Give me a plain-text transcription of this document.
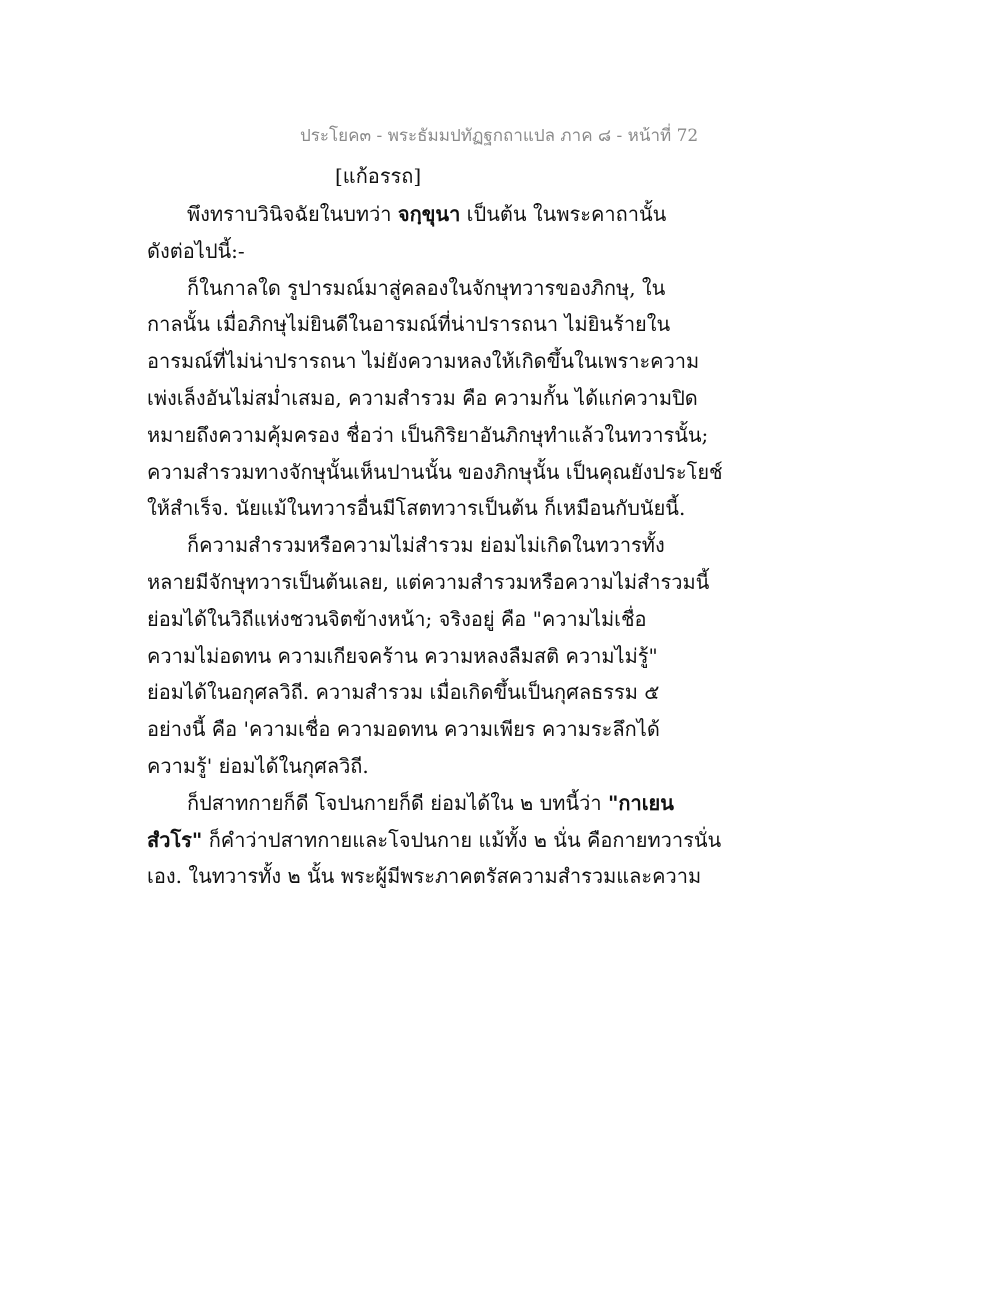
ประโยค๓ - พระธัมมปทัฏฐกถาแปล ภาค ๘ - หน้าที่ 72
[แก้อรรถ]

พึงทราบวินิจฉัยในบทว่า จกฺขุนา เป็นต้น ในพระคาถานั้น
ดังต่อไปนี้:-

ก็ในกาลใด รูปารมณ์มาสู่คลองในจักษุทวารของภิกษุ, ใน
กาลนั้น เมื่อภิกษุไม่ยินดีในอารมณ์ที่น่าปรารถนา ไม่ยินร้ายใน
อารมณ์ที่ไม่น่าปรารถนา ไม่ยังความหลงให้เกิดขึ้นในเพราะความ
เพ่งเล็งอันไม่สม่ำเสมอ, ความสำรวม คือ ความกั้น ได้แก่ความปิด
หมายถึงความคุ้มครอง ชื่อว่า เป็นกิริยาอันภิกษุทำแล้วในทวารนั้น;
ความสำรวมทางจักษุนั้นเห็นปานนั้น ของภิกษุนั้น เป็นคุณยังประโยช์
ให้สำเร็จ. นัยแม้ในทวารอื่นมีโสตทวารเป็นต้น ก็เหมือนกับนัยนี้.

ก็ความสำรวมหรือความไม่สำรวม ย่อมไม่เกิดในทวารทั้ง
หลายมีจักษุทวารเป็นต้นเลย, แต่ความสำรวมหรือความไม่สำรวมนี้
ย่อมได้ในวิถีแห่งชวนจิตข้างหน้า; จริงอยู่ คือ "ความไม่เชื่อ
ความไม่อดทน ความเกียจคร้าน ความหลงลืมสติ ความไม่รู้"
ย่อมได้ในอกุศลวิถี. ความสำรวม เมื่อเกิดขึ้นเป็นกุศลธรรม ๕
อย่างนี้ คือ 'ความเชื่อ ความอดทน ความเพียร ความระลึกได้
ความรู้' ย่อมได้ในกุศลวิถี.

ก็ปสาทกายก็ดี โจปนกายก็ดี ย่อมได้ใน ๒ บทนี้ว่า "กาเยน
สํวโร" ก็คำว่าปสาทกายและโจปนกาย แม้ทั้ง ๒ นั่น คือกายทวารนั่น
เอง. ในทวารทั้ง ๒ นั้น พระผู้มีพระภาคตรัสความสำรวมและความ
